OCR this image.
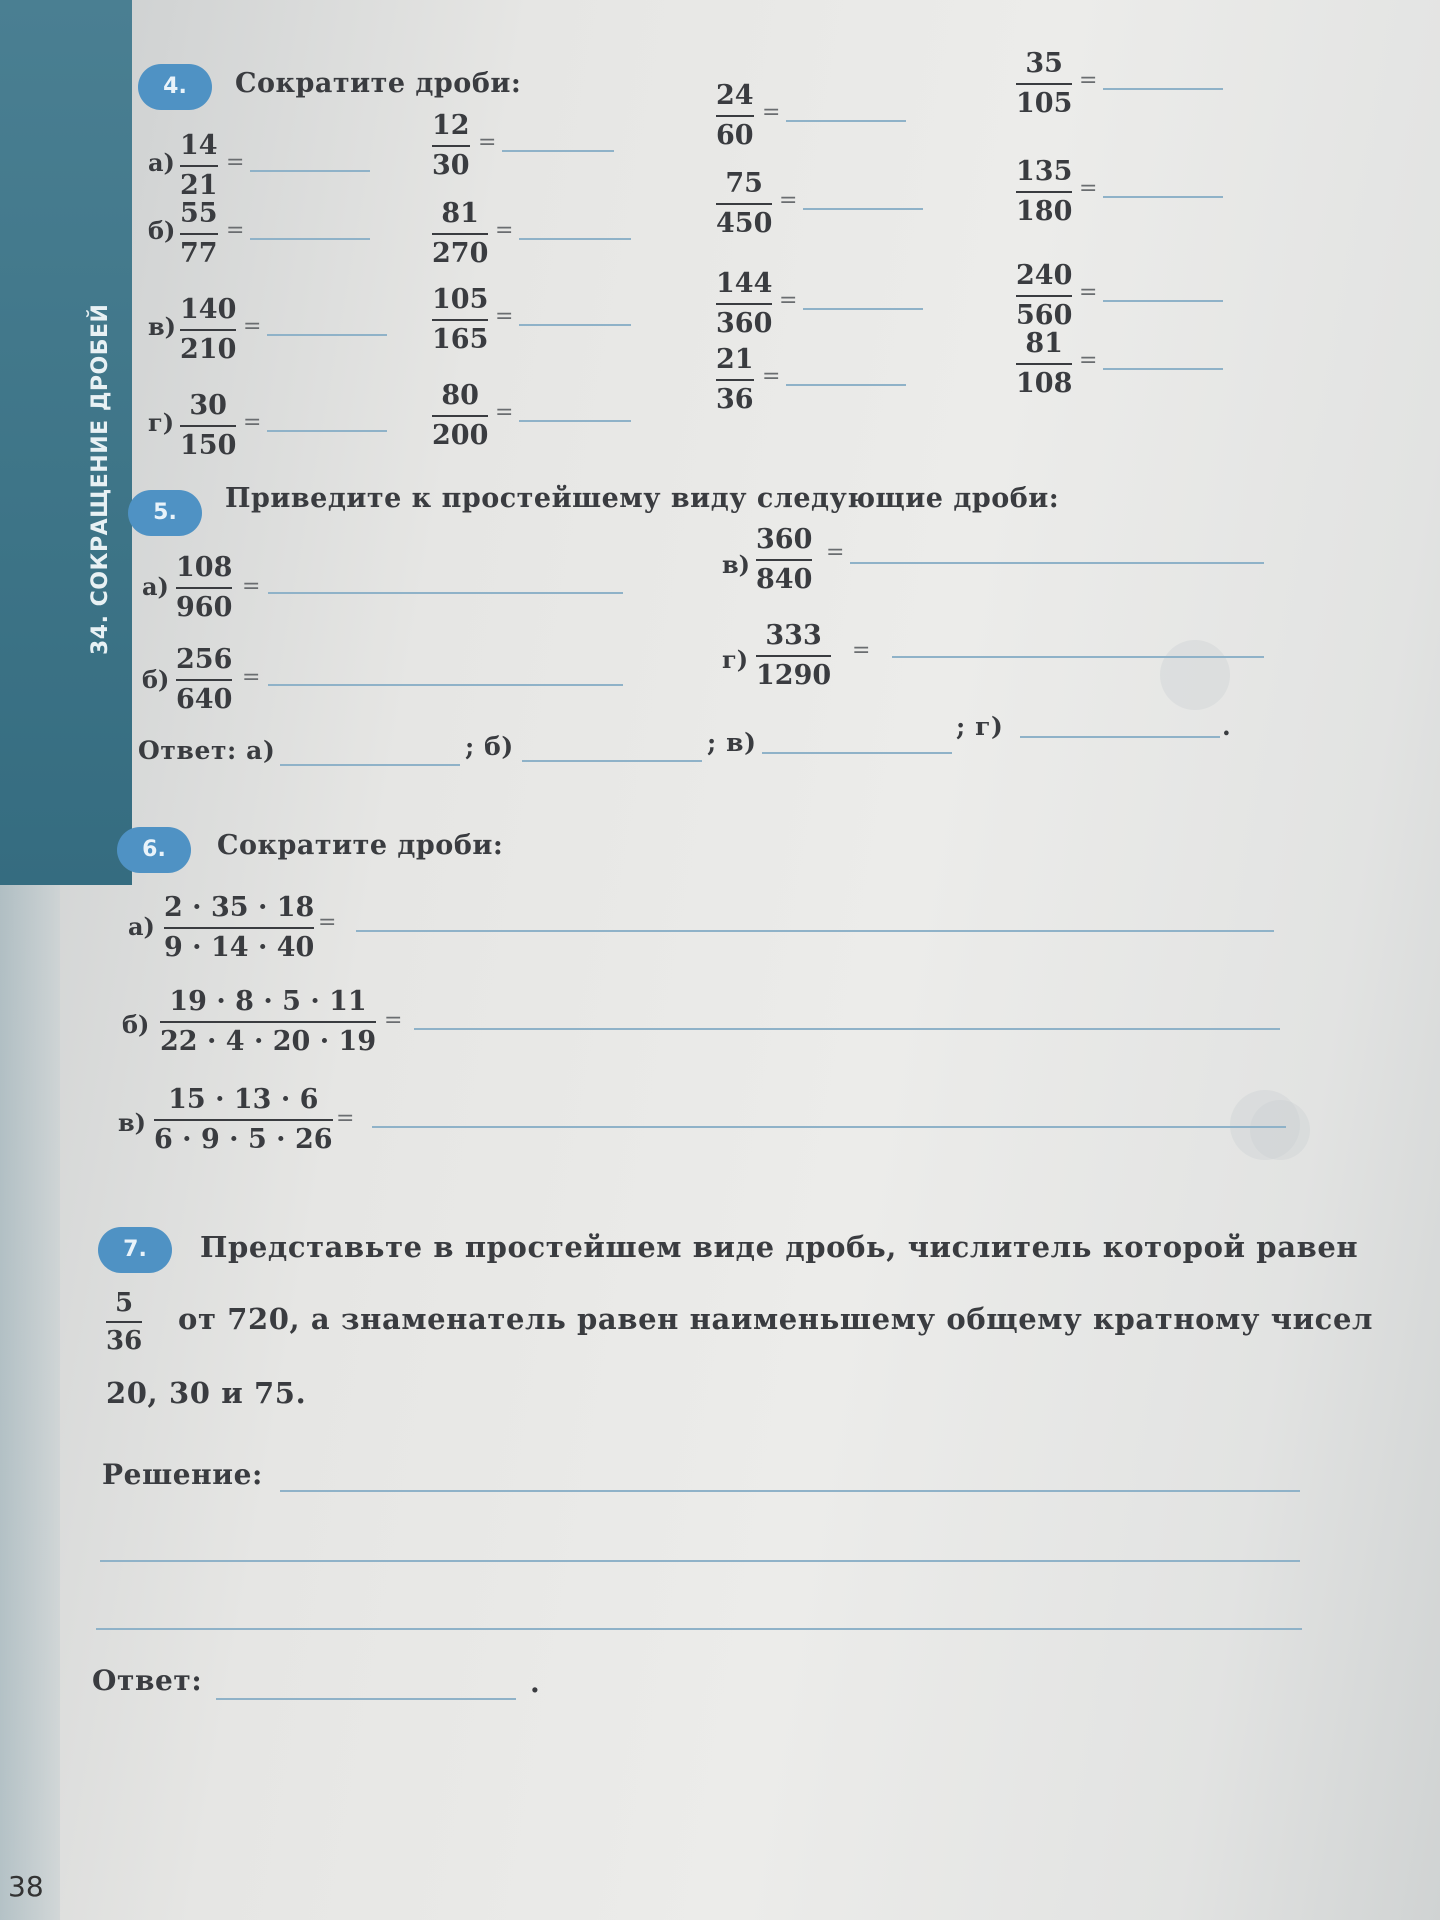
34. СОКРАЩЕНИЕ ДРОБЕЙ
4.	Сократите дроби:
а)
14
21
=
12
30
=
24
60
=
35
105
=
б)
55
77
=
81
270
=
75
450
=
135
180
=
в)
140
210
=
105
165
=
144
360
=
240
560
=
г)
30
150
=
80
200
=
21
36
=
81
108
=
5.	Приведите к простейшему виду следующие дроби:
а)
108
960
=
б)
256
640
=
в)
360
840
=
г)
333
1290
=
Ответ: а)	; б)	; в)
; г)	.
6.	Сократите дроби:
а)
2 · 35 · 18
9 · 14 · 40
=
б)
19 · 8 · 5 · 11
22 · 4 · 20 · 19
=
в)
15 · 13 · 6
6 · 9 · 5 · 26
=
7.	Представьте в простейшем виде дробь, числитель которой равен
5
36
от 720, а знаменатель равен наименьшему общему кратному чисел
20, 30 и 75.
Решение:
Ответ:	.
38
